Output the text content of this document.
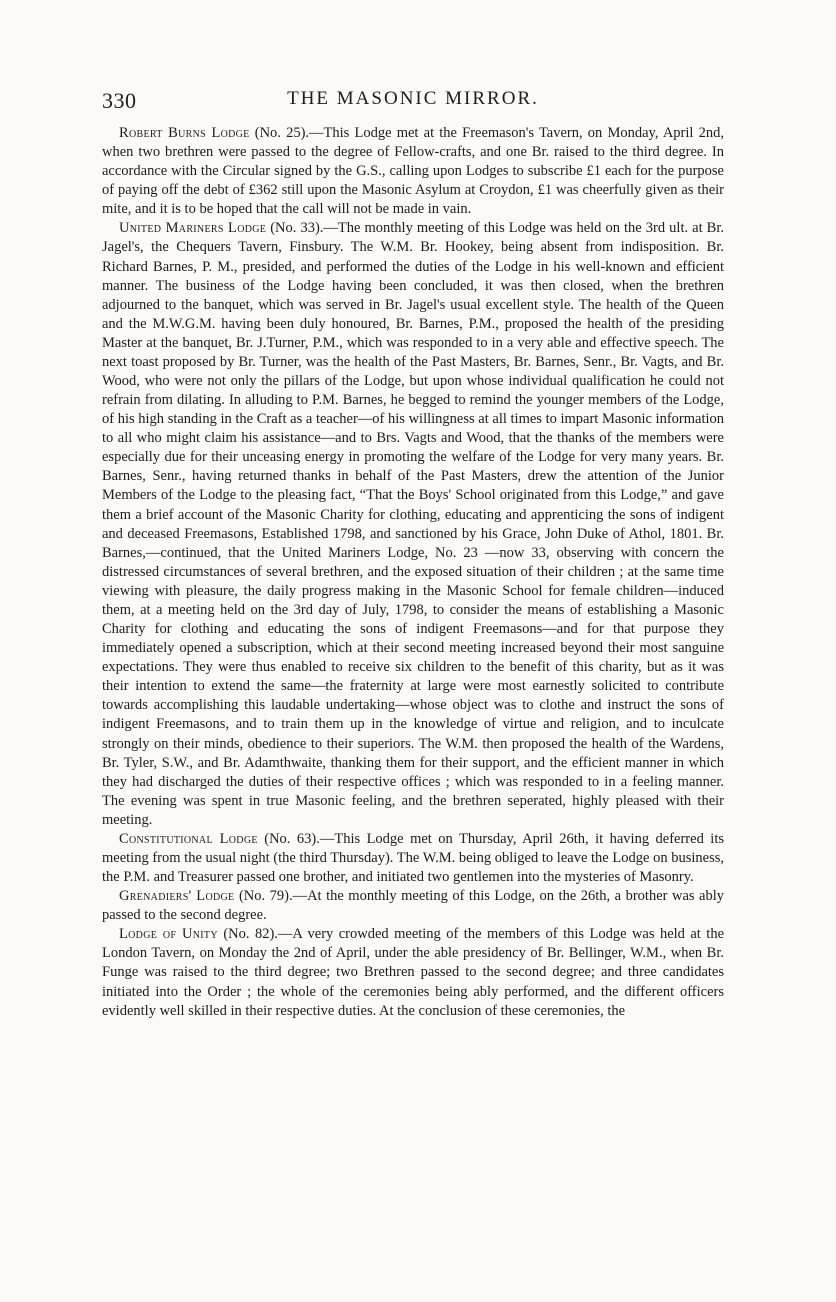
330	THE MASONIC MIRROR.

Robert Burns Lodge (No. 25).—This Lodge met at the Freemason's Tavern, on Monday, April 2nd, when two brethren were passed to the degree of Fellow-crafts, and one Br. raised to the third degree. In accordance with the Circular signed by the G.S., calling upon Lodges to subscribe £1 each for the purpose of paying off the debt of £362 still upon the Masonic Asylum at Croydon, £1 was cheerfully given as their mite, and it is to be hoped that the call will not be made in vain.

United Mariners Lodge (No. 33).—The monthly meeting of this Lodge was held on the 3rd ult. at Br. Jagel's, the Chequers Tavern, Finsbury. The W.M. Br. Hookey, being absent from indisposition. Br. Richard Barnes, P. M., presided, and performed the duties of the Lodge in his well-known and efficient manner. The business of the Lodge having been concluded, it was then closed, when the brethren adjourned to the banquet, which was served in Br. Jagel's usual excellent style. The health of the Queen and the M.W.G.M. having been duly honoured, Br. Barnes, P.M., proposed the health of the presiding Master at the banquet, Br. J.Turner, P.M., which was responded to in a very able and effective speech. The next toast proposed by Br. Turner, was the health of the Past Masters, Br. Barnes, Senr., Br. Vagts, and Br. Wood, who were not only the pillars of the Lodge, but upon whose individual qualification he could not refrain from dilating. In alluding to P.M. Barnes, he begged to remind the younger members of the Lodge, of his high standing in the Craft as a teacher—of his willingness at all times to impart Masonic information to all who might claim his assistance—and to Brs. Vagts and Wood, that the thanks of the members were especially due for their unceasing energy in promoting the welfare of the Lodge for very many years. Br. Barnes, Senr., having returned thanks in behalf of the Past Masters, drew the attention of the Junior Members of the Lodge to the pleasing fact, “That the Boys' School originated from this Lodge,” and gave them a brief account of the Masonic Charity for clothing, educating and apprenticing the sons of indigent and deceased Freemasons, Established 1798, and sanctioned by his Grace, John Duke of Athol, 1801. Br. Barnes,—continued, that the United Mariners Lodge, No. 23 —now 33, observing with concern the distressed circumstances of several brethren, and the exposed situation of their children ; at the same time viewing with pleasure, the daily progress making in the Masonic School for female children—induced them, at a meeting held on the 3rd day of July, 1798, to consider the means of establishing a Masonic Charity for clothing and educating the sons of indigent Freemasons—and for that purpose they immediately opened a subscription, which at their second meeting increased beyond their most sanguine expectations. They were thus enabled to receive six children to the benefit of this charity, but as it was their intention to extend the same—the fraternity at large were most earnestly solicited to contribute towards accomplishing this laudable undertaking—whose object was to clothe and instruct the sons of indigent Freemasons, and to train them up in the knowledge of virtue and religion, and to inculcate strongly on their minds, obedience to their superiors. The W.M. then proposed the health of the Wardens, Br. Tyler, S.W., and Br. Adamthwaite, thanking them for their support, and the efficient manner in which they had discharged the duties of their respective offices ; which was responded to in a feeling manner. The evening was spent in true Masonic feeling, and the brethren seperated, highly pleased with their meeting.

Constitutional Lodge (No. 63).—This Lodge met on Thursday, April 26th, it having deferred its meeting from the usual night (the third Thursday). The W.M. being obliged to leave the Lodge on business, the P.M. and Treasurer passed one brother, and initiated two gentlemen into the mysteries of Masonry.

Grenadiers' Lodge (No. 79).—At the monthly meeting of this Lodge, on the 26th, a brother was ably passed to the second degree.

Lodge of Unity (No. 82).—A very crowded meeting of the members of this Lodge was held at the London Tavern, on Monday the 2nd of April, under the able presidency of Br. Bellinger, W.M., when Br. Funge was raised to the third degree; two Brethren passed to the second degree; and three candidates initiated into the Order ; the whole of the ceremonies being ably performed, and the different officers evidently well skilled in their respective duties. At the conclusion of these ceremonies, the
